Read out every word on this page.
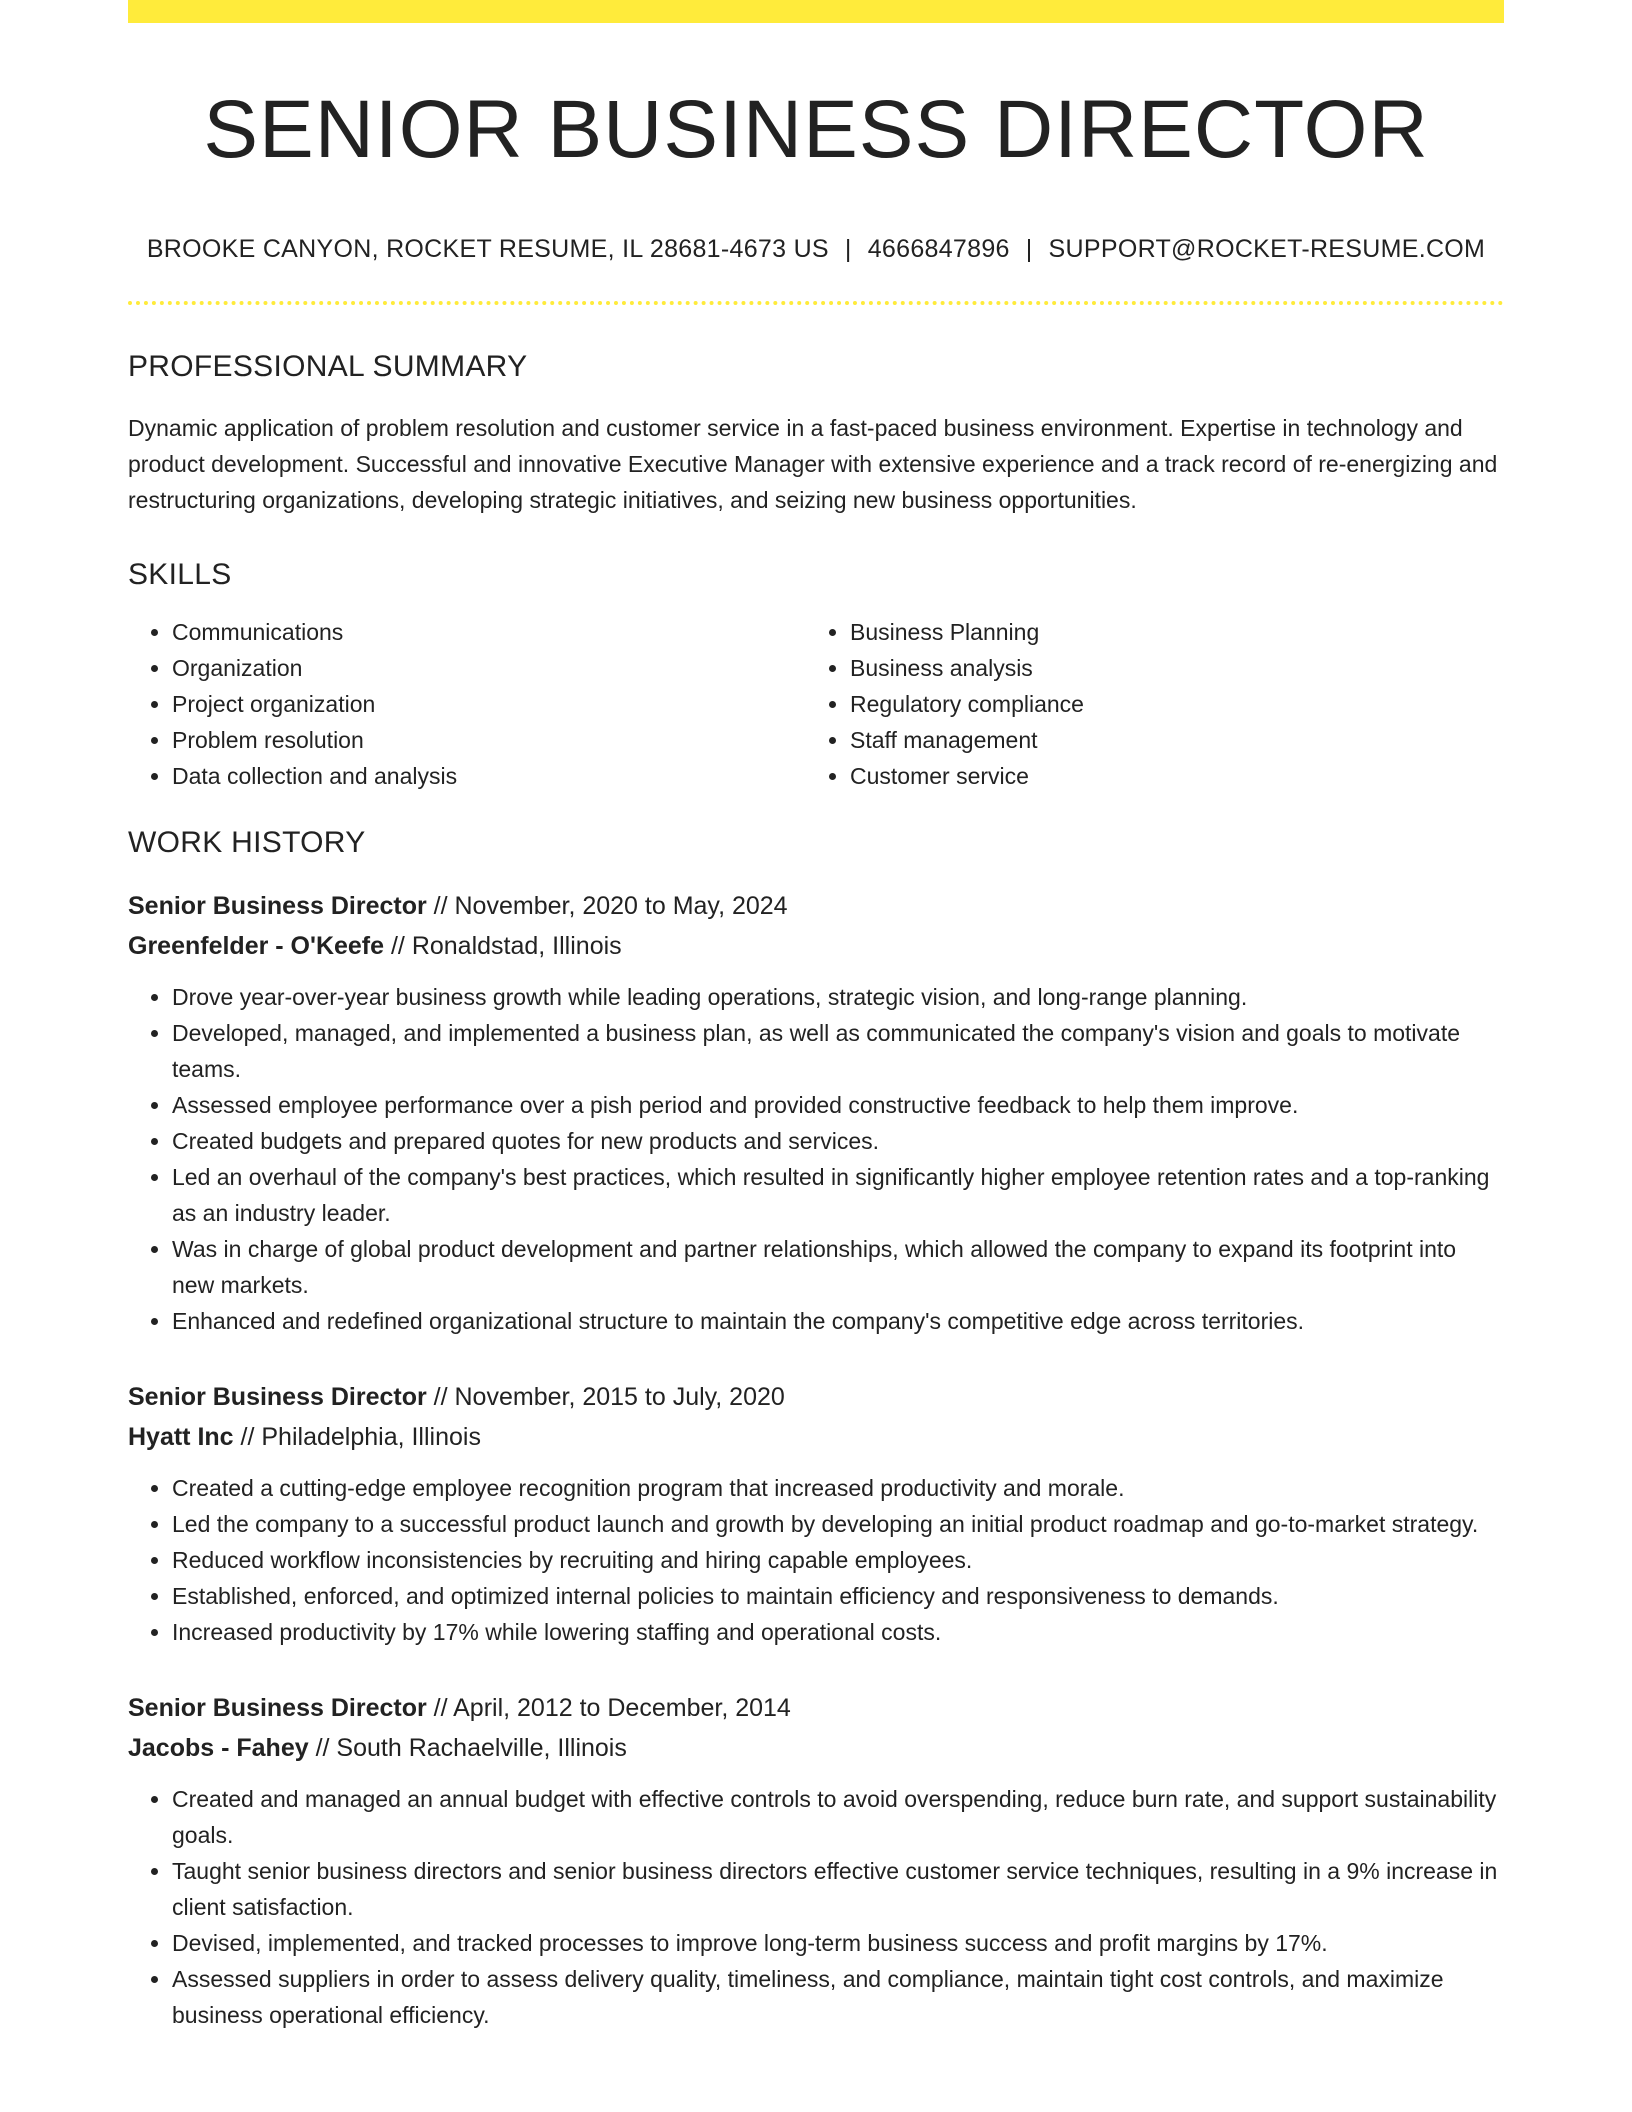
SENIOR BUSINESS DIRECTOR
BROOKE CANYON, ROCKET RESUME, IL 28681-4673 US | 4666847896 | SUPPORT@ROCKET-RESUME.COM
PROFESSIONAL SUMMARY
Dynamic application of problem resolution and customer service in a fast-paced business environment. Expertise in technology and product development. Successful and innovative Executive Manager with extensive experience and a track record of re-energizing and restructuring organizations, developing strategic initiatives, and seizing new business opportunities.
SKILLS
• Communications
• Organization
• Project organization
• Problem resolution
• Data collection and analysis
• Business Planning
• Business analysis
• Regulatory compliance
• Staff management
• Customer service
WORK HISTORY
Senior Business Director // November, 2020 to May, 2024
Greenfelder - O'Keefe // Ronaldstad, Illinois
• Drove year-over-year business growth while leading operations, strategic vision, and long-range planning.
• Developed, managed, and implemented a business plan, as well as communicated the company's vision and goals to motivate teams.
• Assessed employee performance over a pish period and provided constructive feedback to help them improve.
• Created budgets and prepared quotes for new products and services.
• Led an overhaul of the company's best practices, which resulted in significantly higher employee retention rates and a top-ranking as an industry leader.
• Was in charge of global product development and partner relationships, which allowed the company to expand its footprint into new markets.
• Enhanced and redefined organizational structure to maintain the company's competitive edge across territories.
Senior Business Director // November, 2015 to July, 2020
Hyatt Inc // Philadelphia, Illinois
• Created a cutting-edge employee recognition program that increased productivity and morale.
• Led the company to a successful product launch and growth by developing an initial product roadmap and go-to-market strategy.
• Reduced workflow inconsistencies by recruiting and hiring capable employees.
• Established, enforced, and optimized internal policies to maintain efficiency and responsiveness to demands.
• Increased productivity by 17% while lowering staffing and operational costs.
Senior Business Director // April, 2012 to December, 2014
Jacobs - Fahey // South Rachaelville, Illinois
• Created and managed an annual budget with effective controls to avoid overspending, reduce burn rate, and support sustainability goals.
• Taught senior business directors and senior business directors effective customer service techniques, resulting in a 9% increase in client satisfaction.
• Devised, implemented, and tracked processes to improve long-term business success and profit margins by 17%.
• Assessed suppliers in order to assess delivery quality, timeliness, and compliance, maintain tight cost controls, and maximize business operational efficiency.
